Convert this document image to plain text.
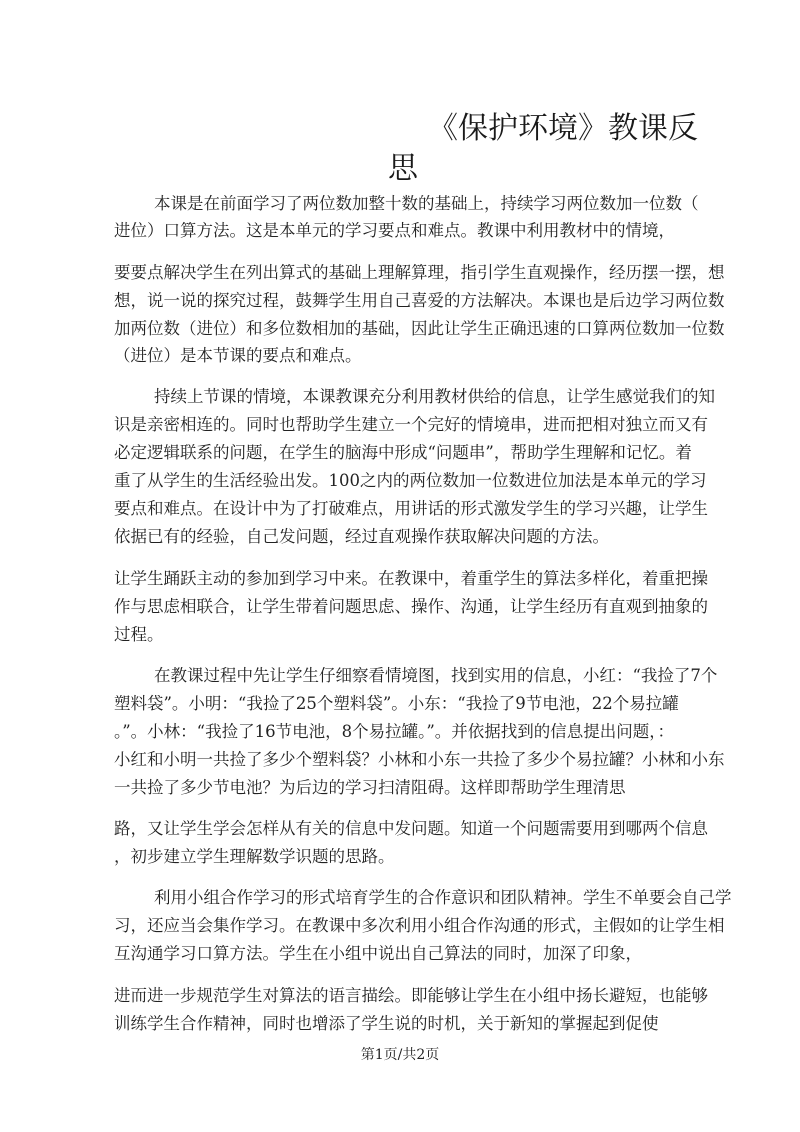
《保护环境》教课反
思
本课是在前面学习了两位数加整十数的基础上，持续学习两位数加一位数（
进位）口算方法。这是本单元的学习要点和难点。教课中利用教材中的情境，
要要点解决学生在列出算式的基础上理解算理，指引学生直观操作，经历摆一摆，想
想，说一说的探究过程，鼓舞学生用自己喜爱的方法解决。本课也是后边学习两位数
加两位数（进位）和多位数相加的基础，因此让学生正确迅速的口算两位数加一位数
（进位）是本节课的要点和难点。
持续上节课的情境，本课教课充分利用教材供给的信息，让学生感觉我们的知
识是亲密相连的。同时也帮助学生建立一个完好的情境串，进而把相对独立而又有
必定逻辑联系的问题，在学生的脑海中形成“问题串”，帮助学生理解和记忆。着
重了从学生的生活经验出发。100之内的两位数加一位数进位加法是本单元的学习
要点和难点。在设计中为了打破难点，用讲话的形式激发学生的学习兴趣，让学生
依据已有的经验，自己发问题，经过直观操作获取解决问题的方法。
让学生踊跃主动的参加到学习中来。在教课中，着重学生的算法多样化，着重把操
作与思虑相联合，让学生带着问题思虑、操作、沟通，让学生经历有直观到抽象的
过程。
在教课过程中先让学生仔细察看情境图，找到实用的信息，小红：“我捡了7个
塑料袋”。小明：“我捡了25个塑料袋”。小东：“我捡了9节电池，22个易拉罐
。”。小林：“我捡了16节电池，8个易拉罐。”。并依据找到的信息提出问题，：
小红和小明一共捡了多少个塑料袋？小林和小东一共捡了多少个易拉罐？小林和小东
一共捡了多少节电池？为后边的学习扫清阻碍。这样即帮助学生理清思
路，又让学生学会怎样从有关的信息中发问题。知道一个问题需要用到哪两个信息
，初步建立学生理解数学识题的思路。
利用小组合作学习的形式培育学生的合作意识和团队精神。学生不单要会自己学
习，还应当会集作学习。在教课中多次利用小组合作沟通的形式，主假如的让学生相
互沟通学习口算方法。学生在小组中说出自己算法的同时，加深了印象，
进而进一步规范学生对算法的语言描绘。即能够让学生在小组中扬长避短，也能够
训练学生合作精神，同时也增添了学生说的时机，关于新知的掌握起到促使
第1页/共2页
